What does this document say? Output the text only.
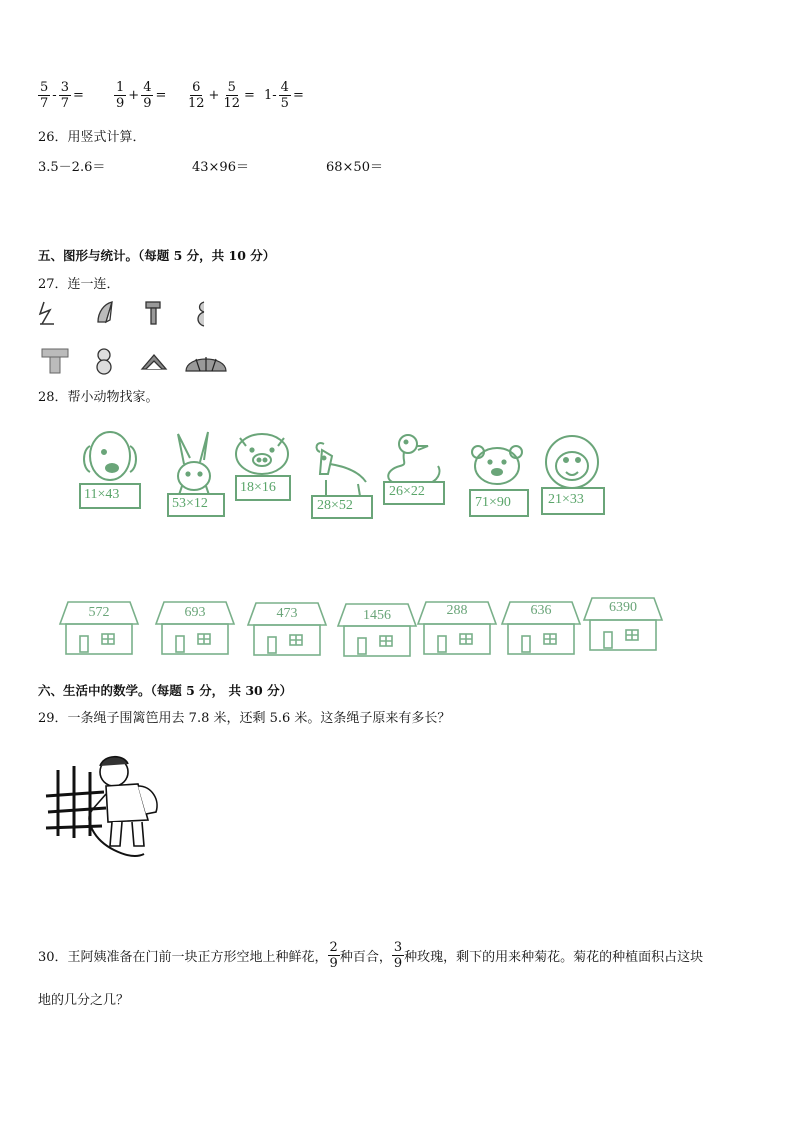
$\frac{5}{7} - \frac{3}{7} = \frac{1}{9} + \frac{4}{9} = \frac{6}{12} + \frac{5}{12} = 1- \frac{4}{5}$ =
26．用竖式计算．
3.5－2.6＝	43×96＝	68×50＝
五、图形与统计。（每题 5 分，共 10 分）
27．连一连．
28．帮小动物找家。
11×43
53×12
18×16
28×52
26×22
71×90	21×33
572	693	473	1456	288	636	6390
六、生活中的数学。（每题 5 分， 共 30 分）
29．一条绳子围篱笆用去 7.8 米，还剩 5.6 米。这条绳子原来有多长？
30．王阿姨准备在门前一块正方形空地上种鲜花， $\frac{2}{9}$ 种百合， $\frac{3}{9}$ 种玫瑰，剩下的用来种菊花。菊花的种植面积占这块
地的几分之几？
